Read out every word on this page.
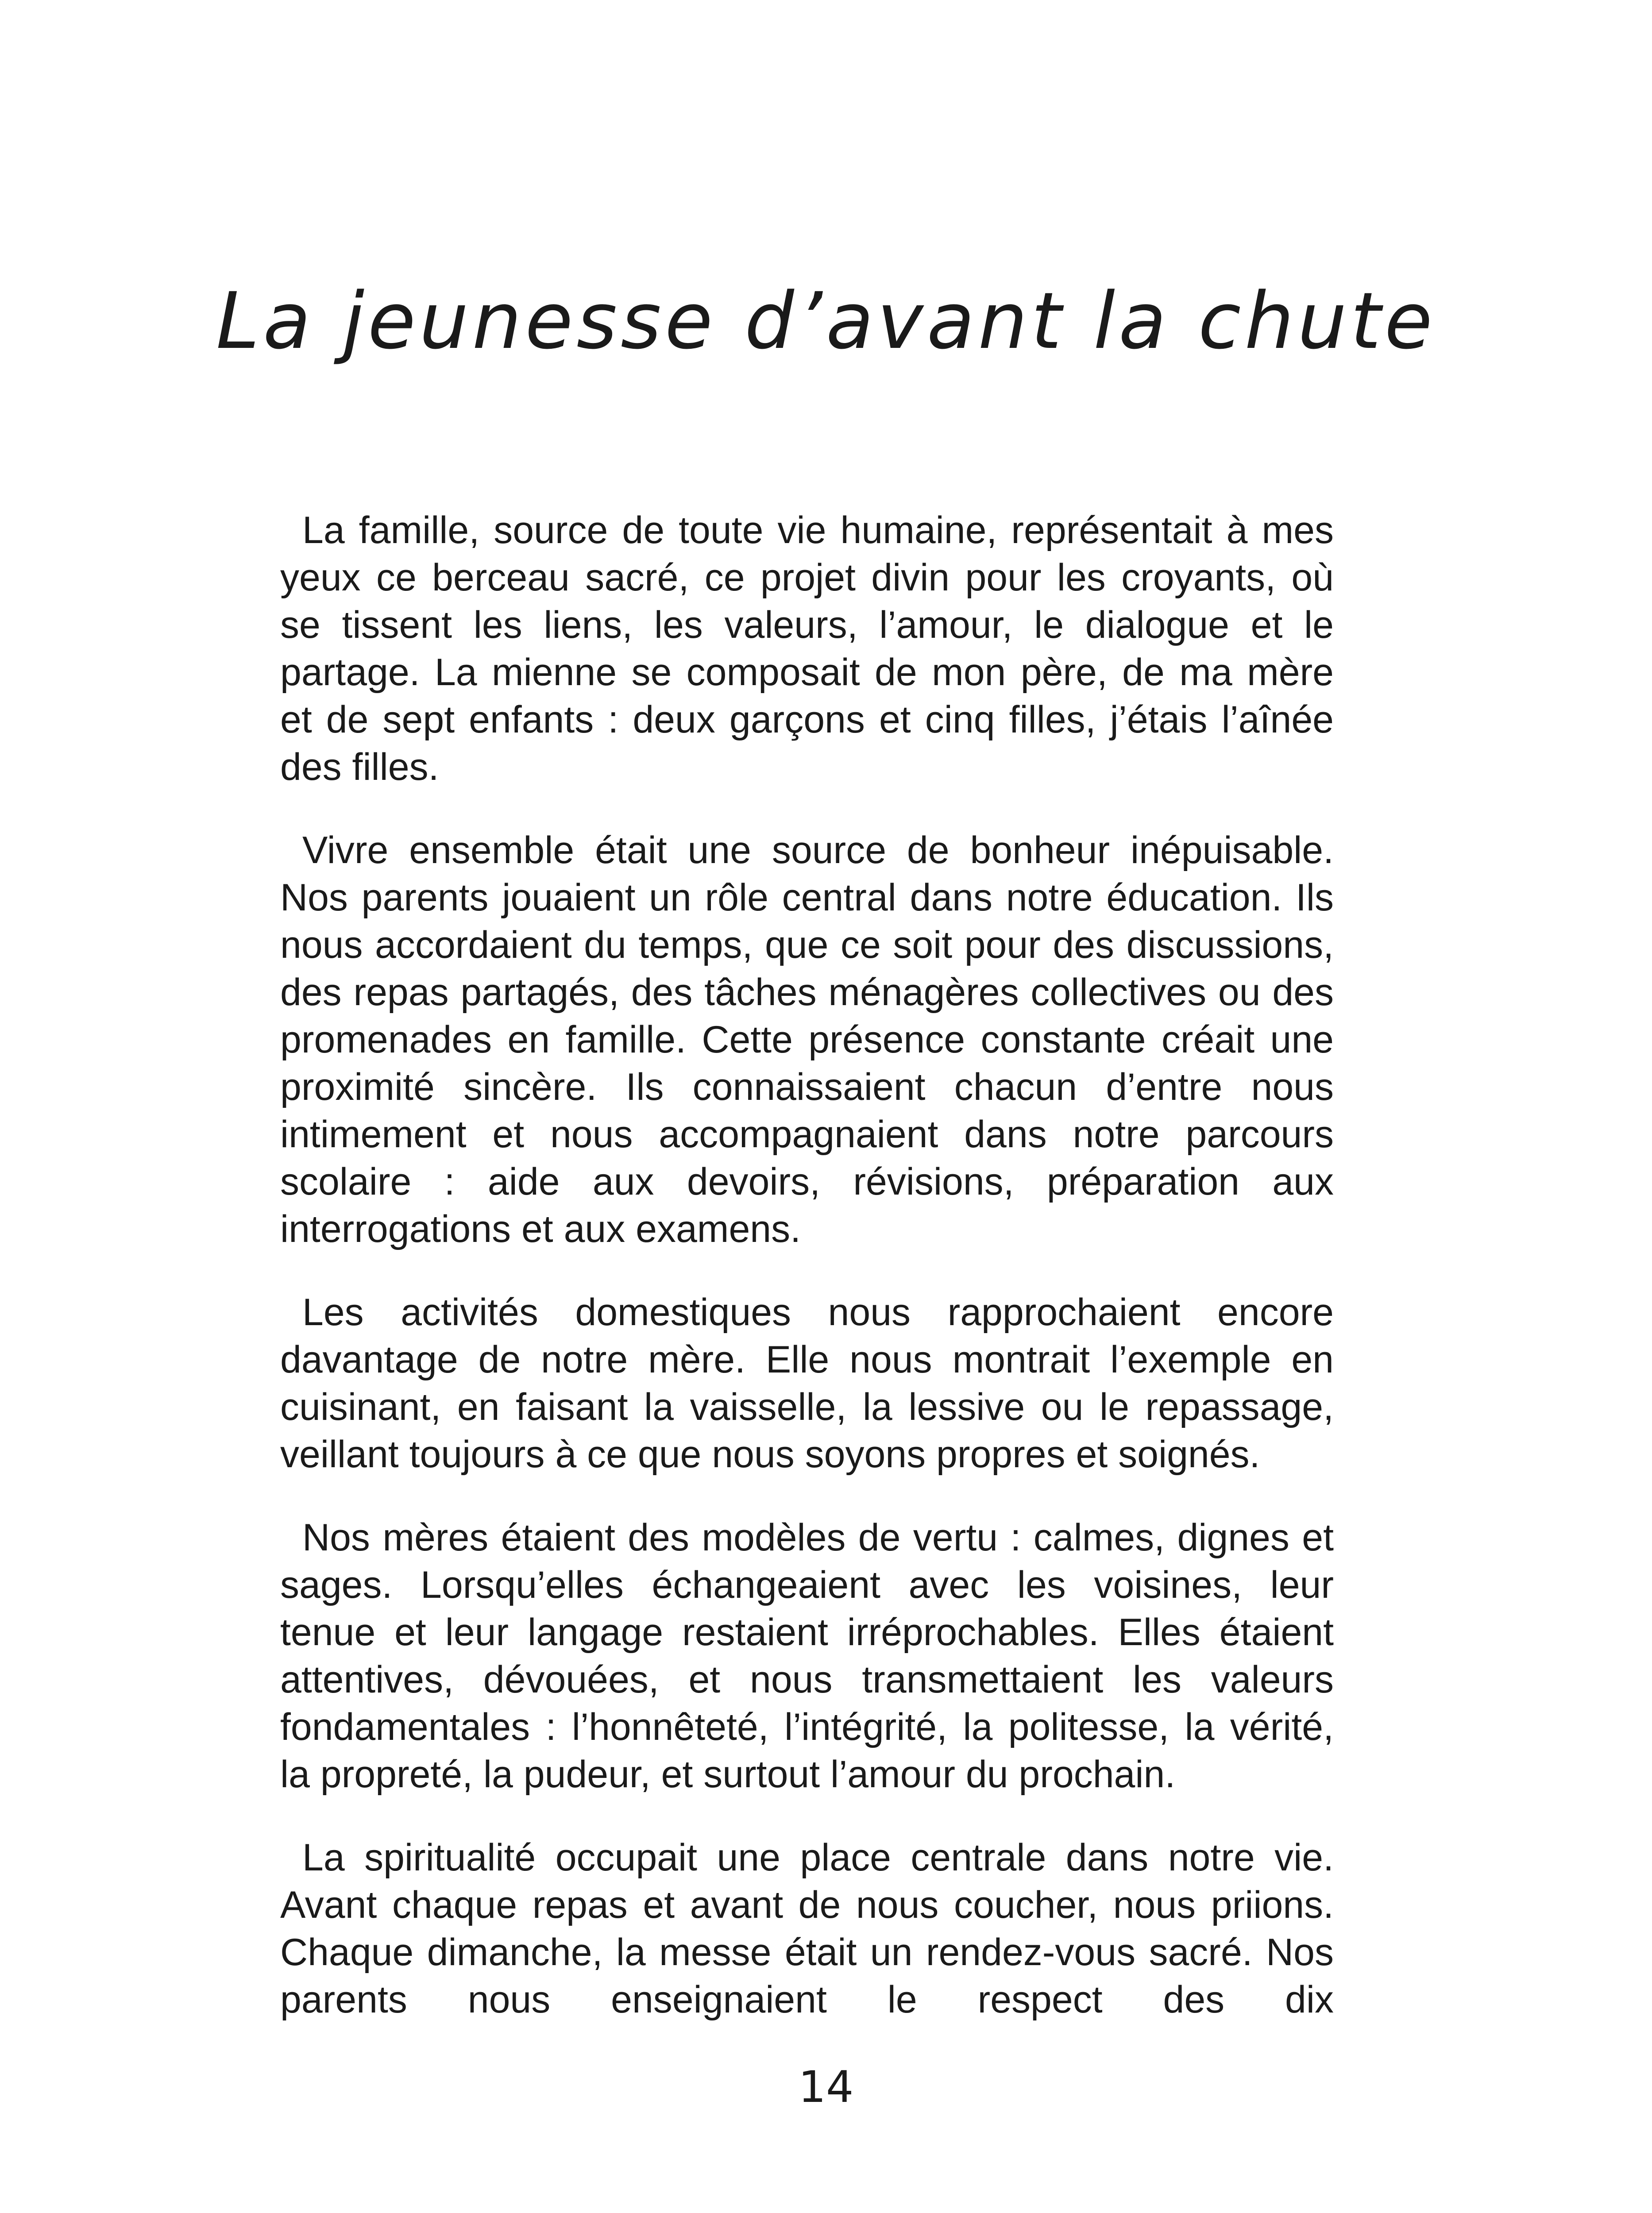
La jeunesse d’avant la chute

La famille, source de toute vie humaine, représentait à mes yeux ce berceau sacré, ce projet divin pour les croyants, où se tissent les liens, les valeurs, l’amour, le dialogue et le partage. La mienne se composait de mon père, de ma mère et de sept enfants : deux garçons et cinq filles, j’étais l’aînée des filles.

Vivre ensemble était une source de bonheur inépuisable. Nos parents jouaient un rôle central dans notre éducation. Ils nous accordaient du temps, que ce soit pour des discussions, des repas partagés, des tâches ménagères collectives ou des promenades en famille. Cette présence constante créait une proximité sincère. Ils connaissaient chacun d’entre nous intimement et nous accompagnaient dans notre parcours scolaire : aide aux devoirs, révisions, préparation aux interrogations et aux examens.

Les activités domestiques nous rapprochaient encore davantage de notre mère. Elle nous montrait l’exemple en cuisinant, en faisant la vaisselle, la lessive ou le repassage, veillant toujours à ce que nous soyons propres et soignés.

Nos mères étaient des modèles de vertu : calmes, dignes et sages. Lorsqu’elles échangeaient avec les voisines, leur tenue et leur langage restaient irréprochables. Elles étaient attentives, dévouées, et nous transmettaient les valeurs fondamentales : l’honnêteté, l’intégrité, la politesse, la vérité, la propreté, la pudeur, et surtout l’amour du prochain.

La spiritualité occupait une place centrale dans notre vie. Avant chaque repas et avant de nous coucher, nous priions. Chaque dimanche, la messe était un rendez-vous sacré. Nos parents nous enseignaient le respect des dix

14
